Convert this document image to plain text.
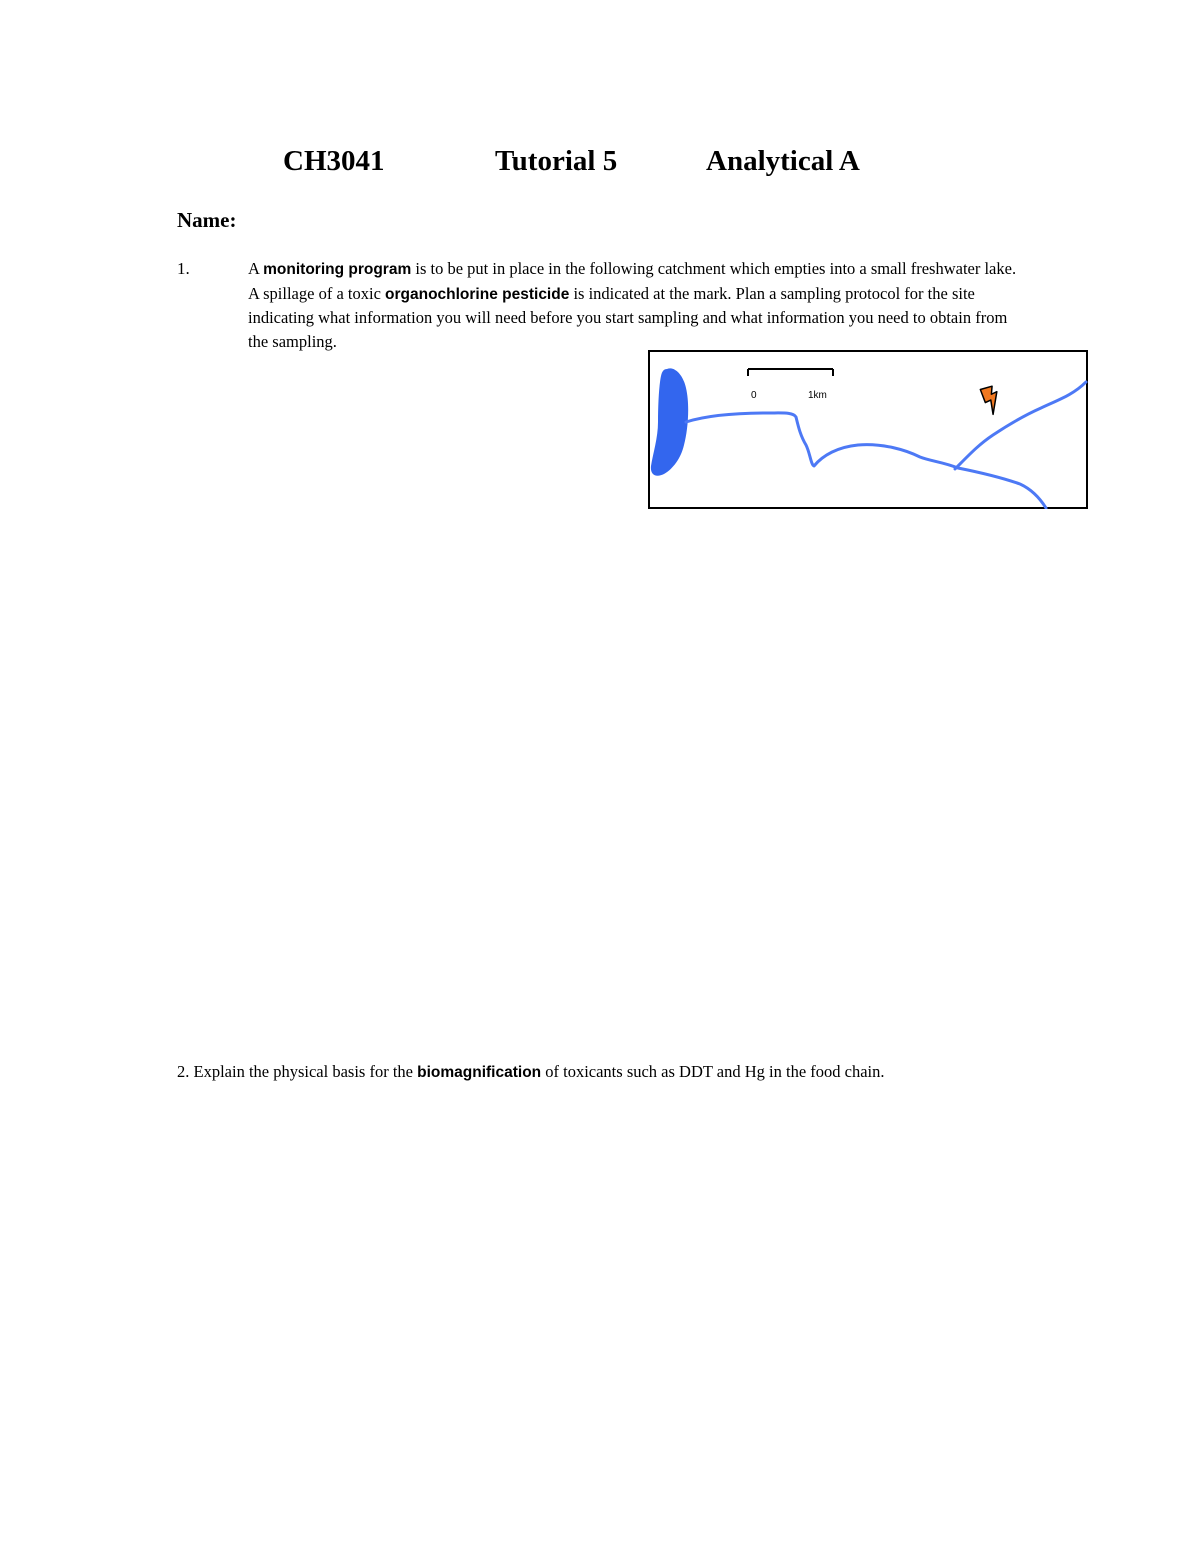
CH3041	Tutorial 5	Analytical A
Name:
1.	A monitoring program is to be put in place in the following catchment which empties into a small freshwater lake. A spillage of a toxic organochlorine pesticide is indicated at the mark. Plan a sampling protocol for the site indicating what information you will need before you start sampling and what information you need to obtain from the sampling.

0	1km

2. Explain the physical basis for the biomagnification of toxicants such as DDT and Hg in the food chain.
